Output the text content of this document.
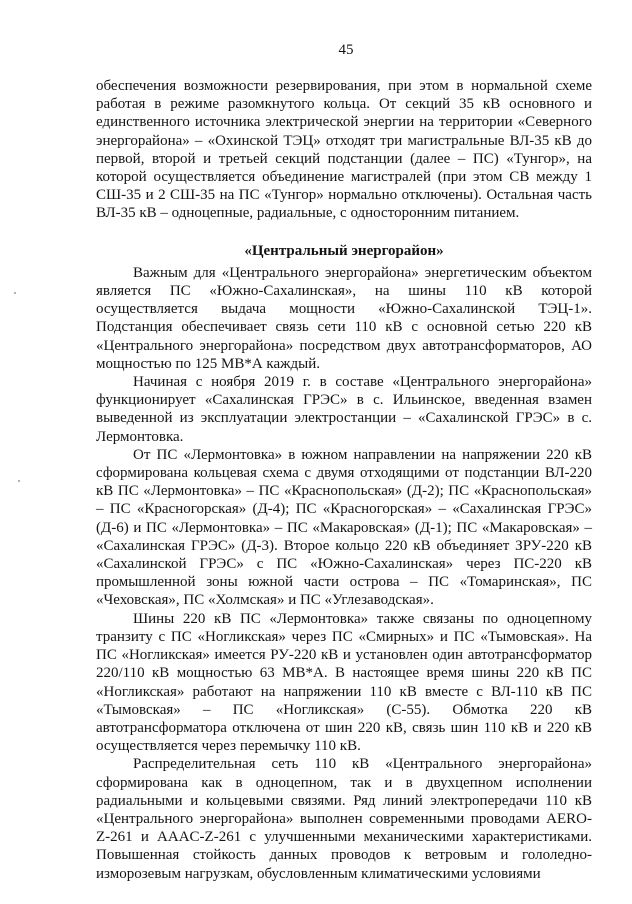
45

обеспечения возможности резервирования, при этом в нормальной схеме работая в режиме разомкнутого кольца. От секций 35 кВ основного и единственного источника электрической энергии на территории «Северного энергорайона» – «Охинской ТЭЦ» отходят три магистральные ВЛ-35 кВ до первой, второй и третьей секций подстанции (далее – ПС) «Тунгор», на которой осуществляется объединение магистралей (при этом СВ между 1 СШ-35 и 2 СШ-35 на ПС «Тунгор» нормально отключены). Остальная часть ВЛ-35 кВ – одноцепные, радиальные, с односторонним питанием.

«Центральный энергорайон»

Важным для «Центрального энергорайона» энергетическим объектом является ПС «Южно-Сахалинская», на шины 110 кВ которой осуществляется выдача мощности «Южно-Сахалинской ТЭЦ-1». Подстанция обеспечивает связь сети 110 кВ с основной сетью 220 кВ «Центрального энергорайона» посредством двух автотрансформаторов, АО мощностью по 125 МВ*А каждый.

Начиная с ноября 2019 г. в составе «Центрального энергорайона» функционирует «Сахалинская ГРЭС» в с. Ильинское, введенная взамен выведенной из эксплуатации электростанции – «Сахалинской ГРЭС» в с. Лермонтовка.

От ПС «Лермонтовка» в южном направлении на напряжении 220 кВ сформирована кольцевая схема с двумя отходящими от подстанции ВЛ-220 кВ ПС «Лермонтовка» – ПС «Краснопольская» (Д-2); ПС «Краснопольская» – ПС «Красногорская» (Д-4); ПС «Красногорская» – «Сахалинская ГРЭС» (Д-6) и ПС «Лермонтовка» – ПС «Макаровская» (Д-1); ПС «Макаровская» – «Сахалинская ГРЭС» (Д-3). Второе кольцо 220 кВ объединяет ЗРУ-220 кВ «Сахалинской ГРЭС» с ПС «Южно-Сахалинская» через ПС-220 кВ промышленной зоны южной части острова – ПС «Томаринская», ПС «Чеховская», ПС «Холмская» и ПС «Углезаводская».

Шины 220 кВ ПС «Лермонтовка» также связаны по одноцепному транзиту с ПС «Ногликская» через ПС «Смирных» и ПС «Тымовская». На ПС «Ногликская» имеется РУ-220 кВ и установлен один автотрансформатор 220/110 кВ мощностью 63 МВ*А. В настоящее время шины 220 кВ ПС «Ногликская» работают на напряжении 110 кВ вместе с ВЛ-110 кВ ПС «Тымовская» – ПС «Ногликская» (С-55). Обмотка 220 кВ автотрансформатора отключена от шин 220 кВ, связь шин 110 кВ и 220 кВ осуществляется через перемычку 110 кВ.

Распределительная сеть 110 кВ «Центрального энергорайона» сформирована как в одноцепном, так и в двухцепном исполнении радиальными и кольцевыми связями. Ряд линий электропередачи 110 кВ «Центрального энергорайона» выполнен современными проводами AERO-Z-261 и AAAC-Z-261 с улучшенными механическими характеристиками. Повышенная стойкость данных проводов к ветровым и гололедно-изморозевым нагрузкам, обусловленным климатическими условиями
